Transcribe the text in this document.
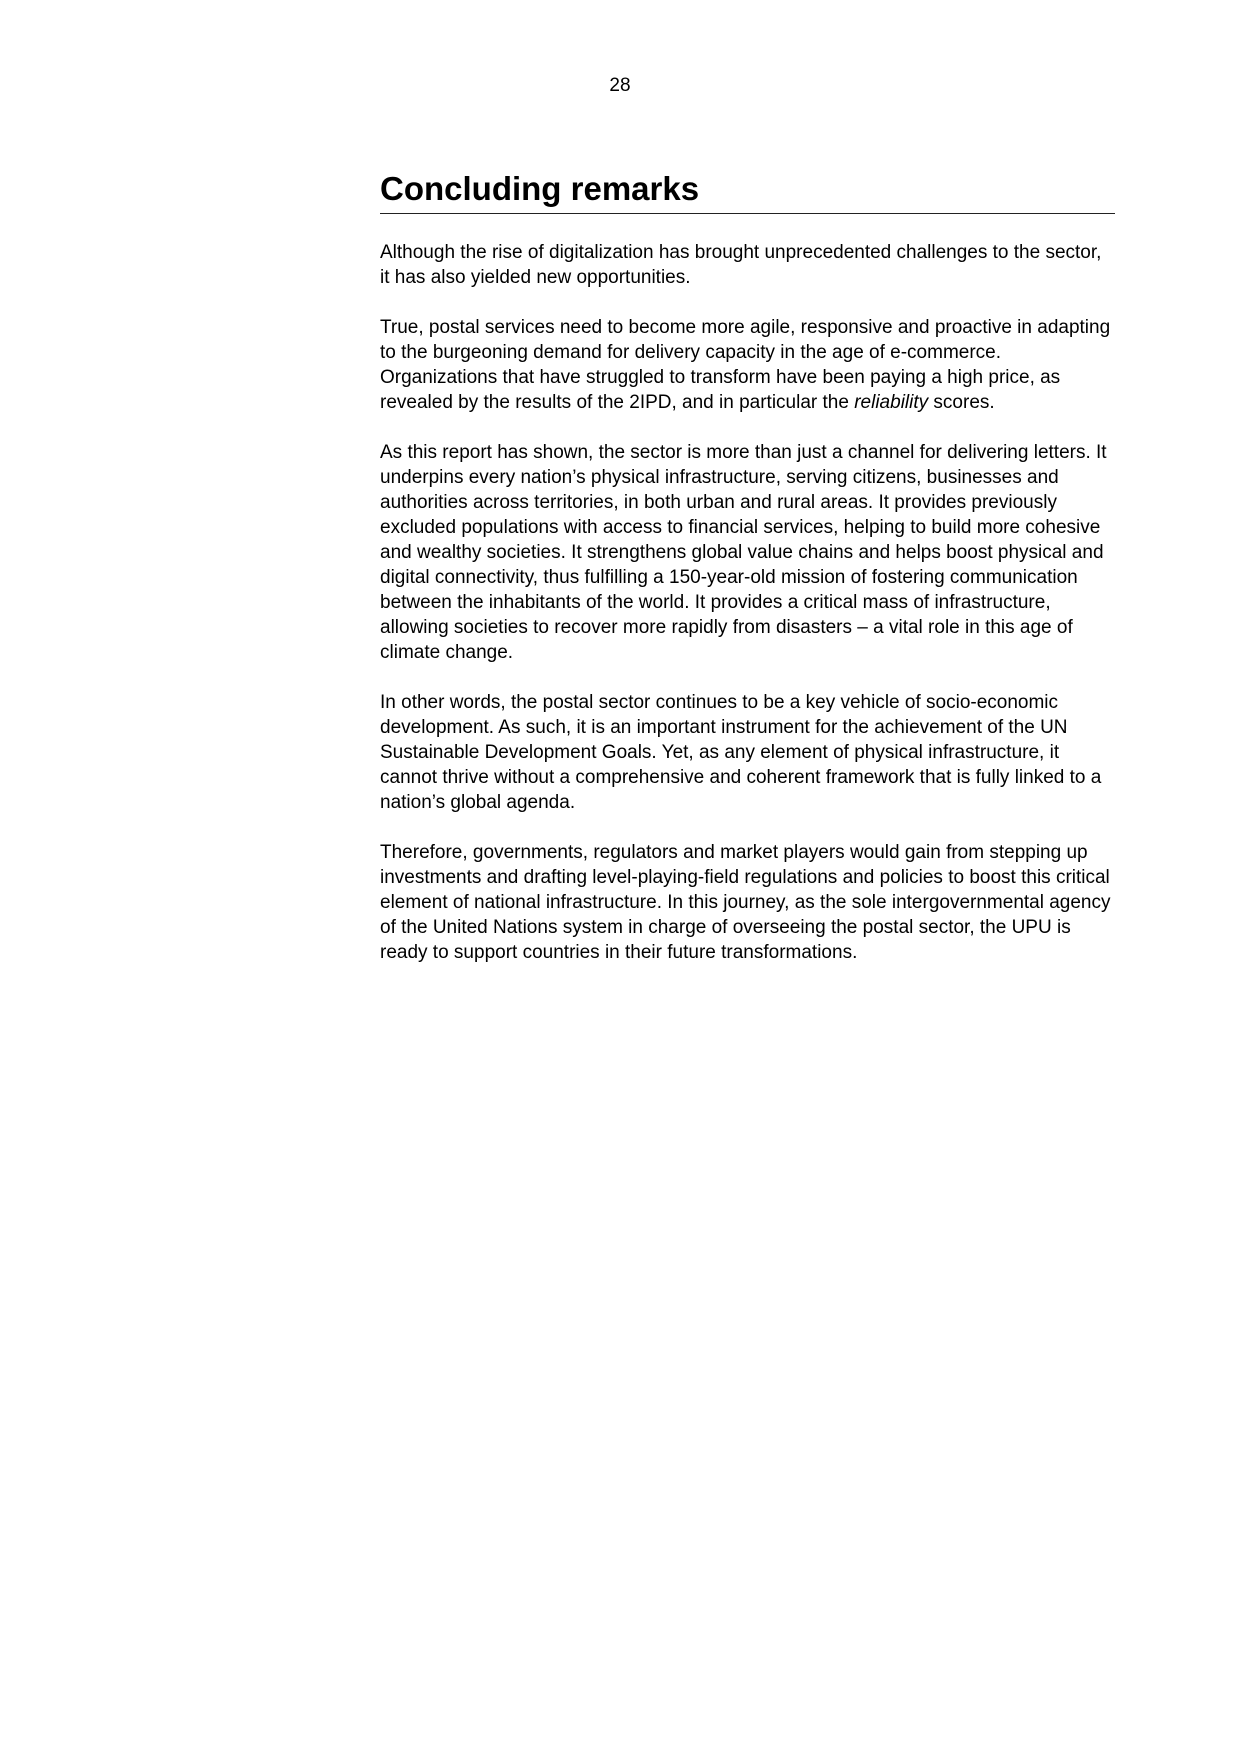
28
Concluding remarks

Although the rise of digitalization has brought unprecedented challenges to the sector, it has also yielded new opportunities.

True, postal services need to become more agile, responsive and proactive in adapting to the burgeoning demand for delivery capacity in the age of e-commerce. Organizations that have struggled to transform have been paying a high price, as revealed by the results of the 2IPD, and in particular the reliability scores.

As this report has shown, the sector is more than just a channel for delivering letters. It underpins every nation’s physical infrastructure, serving citizens, businesses and authorities across territories, in both urban and rural areas. It provides previously excluded populations with access to financial services, helping to build more cohesive and wealthy societies. It strengthens global value chains and helps boost physical and digital connectivity, thus fulfilling a 150-year-old mission of fostering communication between the inhabitants of the world. It provides a critical mass of infrastructure, allowing societies to recover more rapidly from disasters – a vital role in this age of climate change.

In other words, the postal sector continues to be a key vehicle of socio-economic development. As such, it is an important instrument for the achievement of the UN Sustainable Development Goals. Yet, as any element of physical infrastructure, it cannot thrive without a comprehensive and coherent framework that is fully linked to a nation’s global agenda.

Therefore, governments, regulators and market players would gain from stepping up investments and drafting level-playing-field regulations and policies to boost this critical element of national infrastructure. In this journey, as the sole intergovernmental agency of the United Nations system in charge of overseeing the postal sector, the UPU is ready to support countries in their future transformations.
